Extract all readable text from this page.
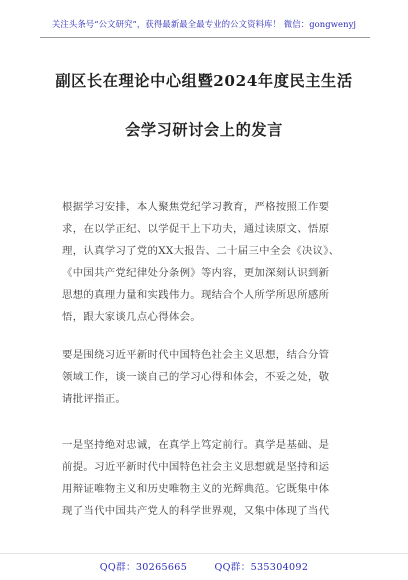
关注头条号“公文研究”，获得最新最全最专业的公文资料库！ 微信：gongwenyj
副区长在理论中心组暨2024年度民主生活
会学习研讨会上的发言
根据学习安排，本人聚焦党纪学习教育，严格按照工作要
求，在以学正纪、以学促干上下功夫，通过读原文、悟原
理，认真学习了党的XX大报告、二十届三中全会《决议》、
《中国共产党纪律处分条例》等内容，更加深刻认识到新
思想的真理力量和实践伟力。现结合个人所学所思所感所
悟，跟大家谈几点心得体会。
要是围绕习近平新时代中国特色社会主义思想，结合分管
领域工作，谈一谈自己的学习心得和体会，不妥之处，敬
请批评指正。
一是坚持绝对忠诚，在真学上笃定前行。真学是基础、是
前提。习近平新时代中国特色社会主义思想就是坚持和运
用辩证唯物主义和历史唯物主义的光辉典范。它既集中体
现了当代中国共产党人的科学世界观，又集中体现了当代
QQ群：30265665	QQ群：535304092
